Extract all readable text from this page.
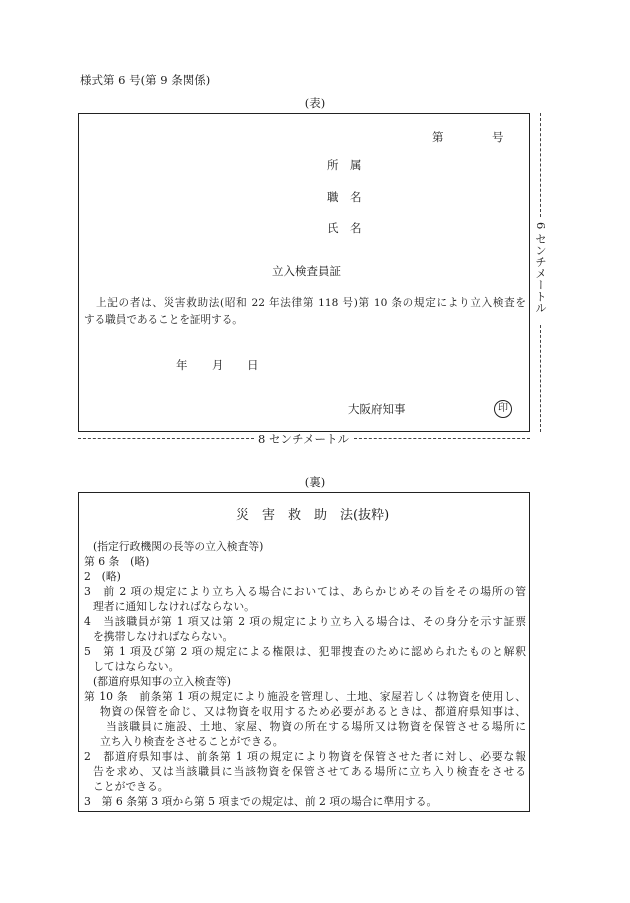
様式第 6 号(第 9 条関係)
(表)
第	号
所　属
職　名
氏　名
立入検査員証
上記の者は、災害救助法(昭和 22 年法律第 118 号)第 10 条の規定により立入検査を
する職員であることを証明する。
年 月 日
大阪府知事	印
6 センチメートル
8 センチメートル
(裏)
災　害　救　助　法(抜粋)
(指定行政機関の長等の立入検査等)
第 6 条　(略)
2　(略)
3　前 2 項の規定により立ち入る場合においては、あらかじめその旨をその場所の管
理者に通知しなければならない。
4　当該職員が第 1 項又は第 2 項の規定により立ち入る場合は、その身分を示す証票
を携帯しなければならない。
5　第 1 項及び第 2 項の規定による権限は、犯罪捜査のために認められたものと解釈
してはならない。
(都道府県知事の立入検査等)
第 10 条　前条第 1 項の規定により施設を管理し、土地、家屋若しくは物資を使用し、
物資の保管を命じ、又は物資を収用するため必要があるときは、都道府県知事は、
当該職員に施設、土地、家屋、物資の所在する場所又は物資を保管させる場所に
立ち入り検査をさせることができる。
2　都道府県知事は、前条第 1 項の規定により物資を保管させた者に対し、必要な報
告を求め、又は当該職員に当該物資を保管させてある場所に立ち入り検査をさせる
ことができる。
3　第 6 条第 3 項から第 5 項までの規定は、前 2 項の場合に準用する。
